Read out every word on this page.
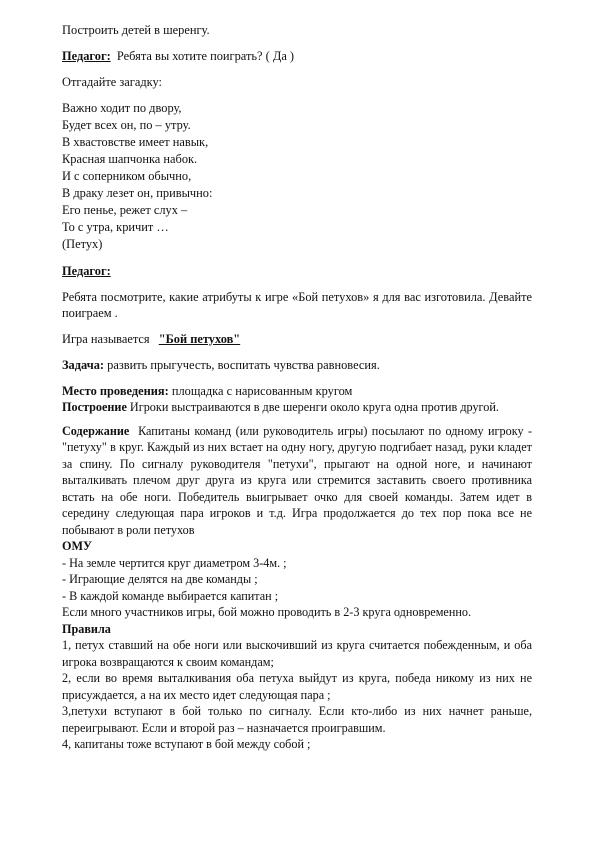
Построить детей в шеренгу.

Педагог: Ребята вы хотите поиграть? ( Да )

Отгадайте загадку:

Важно ходит по двору,

Будет всех он, по – утру.

В хвастовстве имеет навык,

Красная шапчонка набок.

И с соперником обычно,

В драку лезет он, привычно:

Его пенье, режет слух –

То с утра, кричит …

(Петух)

Педагог:

Ребята посмотрите, какие атрибуты к игре «Бой петухов» я для вас изготовила. Девайте поиграем .

Игра называется "Бой петухов"

Задача: развить прыгучесть, воспитать чувства равновесия.

Место проведения: площадка с нарисованным кругом

Построение Игроки выстраиваются в две шеренги около круга одна против другой.

Содержание Капитаны команд (или руководитель игры) посылают по одному игроку - "петуху" в круг. Каждый из них встает на одну ногу, другую подгибает назад, руки кладет за спину. По сигналу руководителя "петухи", прыгают на одной ноге, и начинают выталкивать плечом друг друга из круга или стремится заставить своего противника встать на обе ноги. Победитель выигрывает очко для своей команды. Затем идет в середину следующая пара игроков и т.д. Игра продолжается до тех пор пока все не побывают в роли петухов

ОМУ

- На земле чертится круг диаметром 3-4м. ;

- Играющие делятся на две команды ;

- В каждой команде выбирается капитан ;

Если много участников игры, бой можно проводить в 2-3 круга одновременно.

Правила

1, петух ставший на обе ноги или выскочивший из круга считается побежденным, и оба игрока возвращаются к своим командам;

2, если во время выталкивания оба петуха выйдут из круга, победа никому из них не присуждается, а на их место идет следующая пара ;

3,петухи вступают в бой только по сигналу. Если кто-либо из них начнет раньше, переигрывают. Если и второй раз – назначается проигравшим.

4, капитаны тоже вступают в бой между собой ;
